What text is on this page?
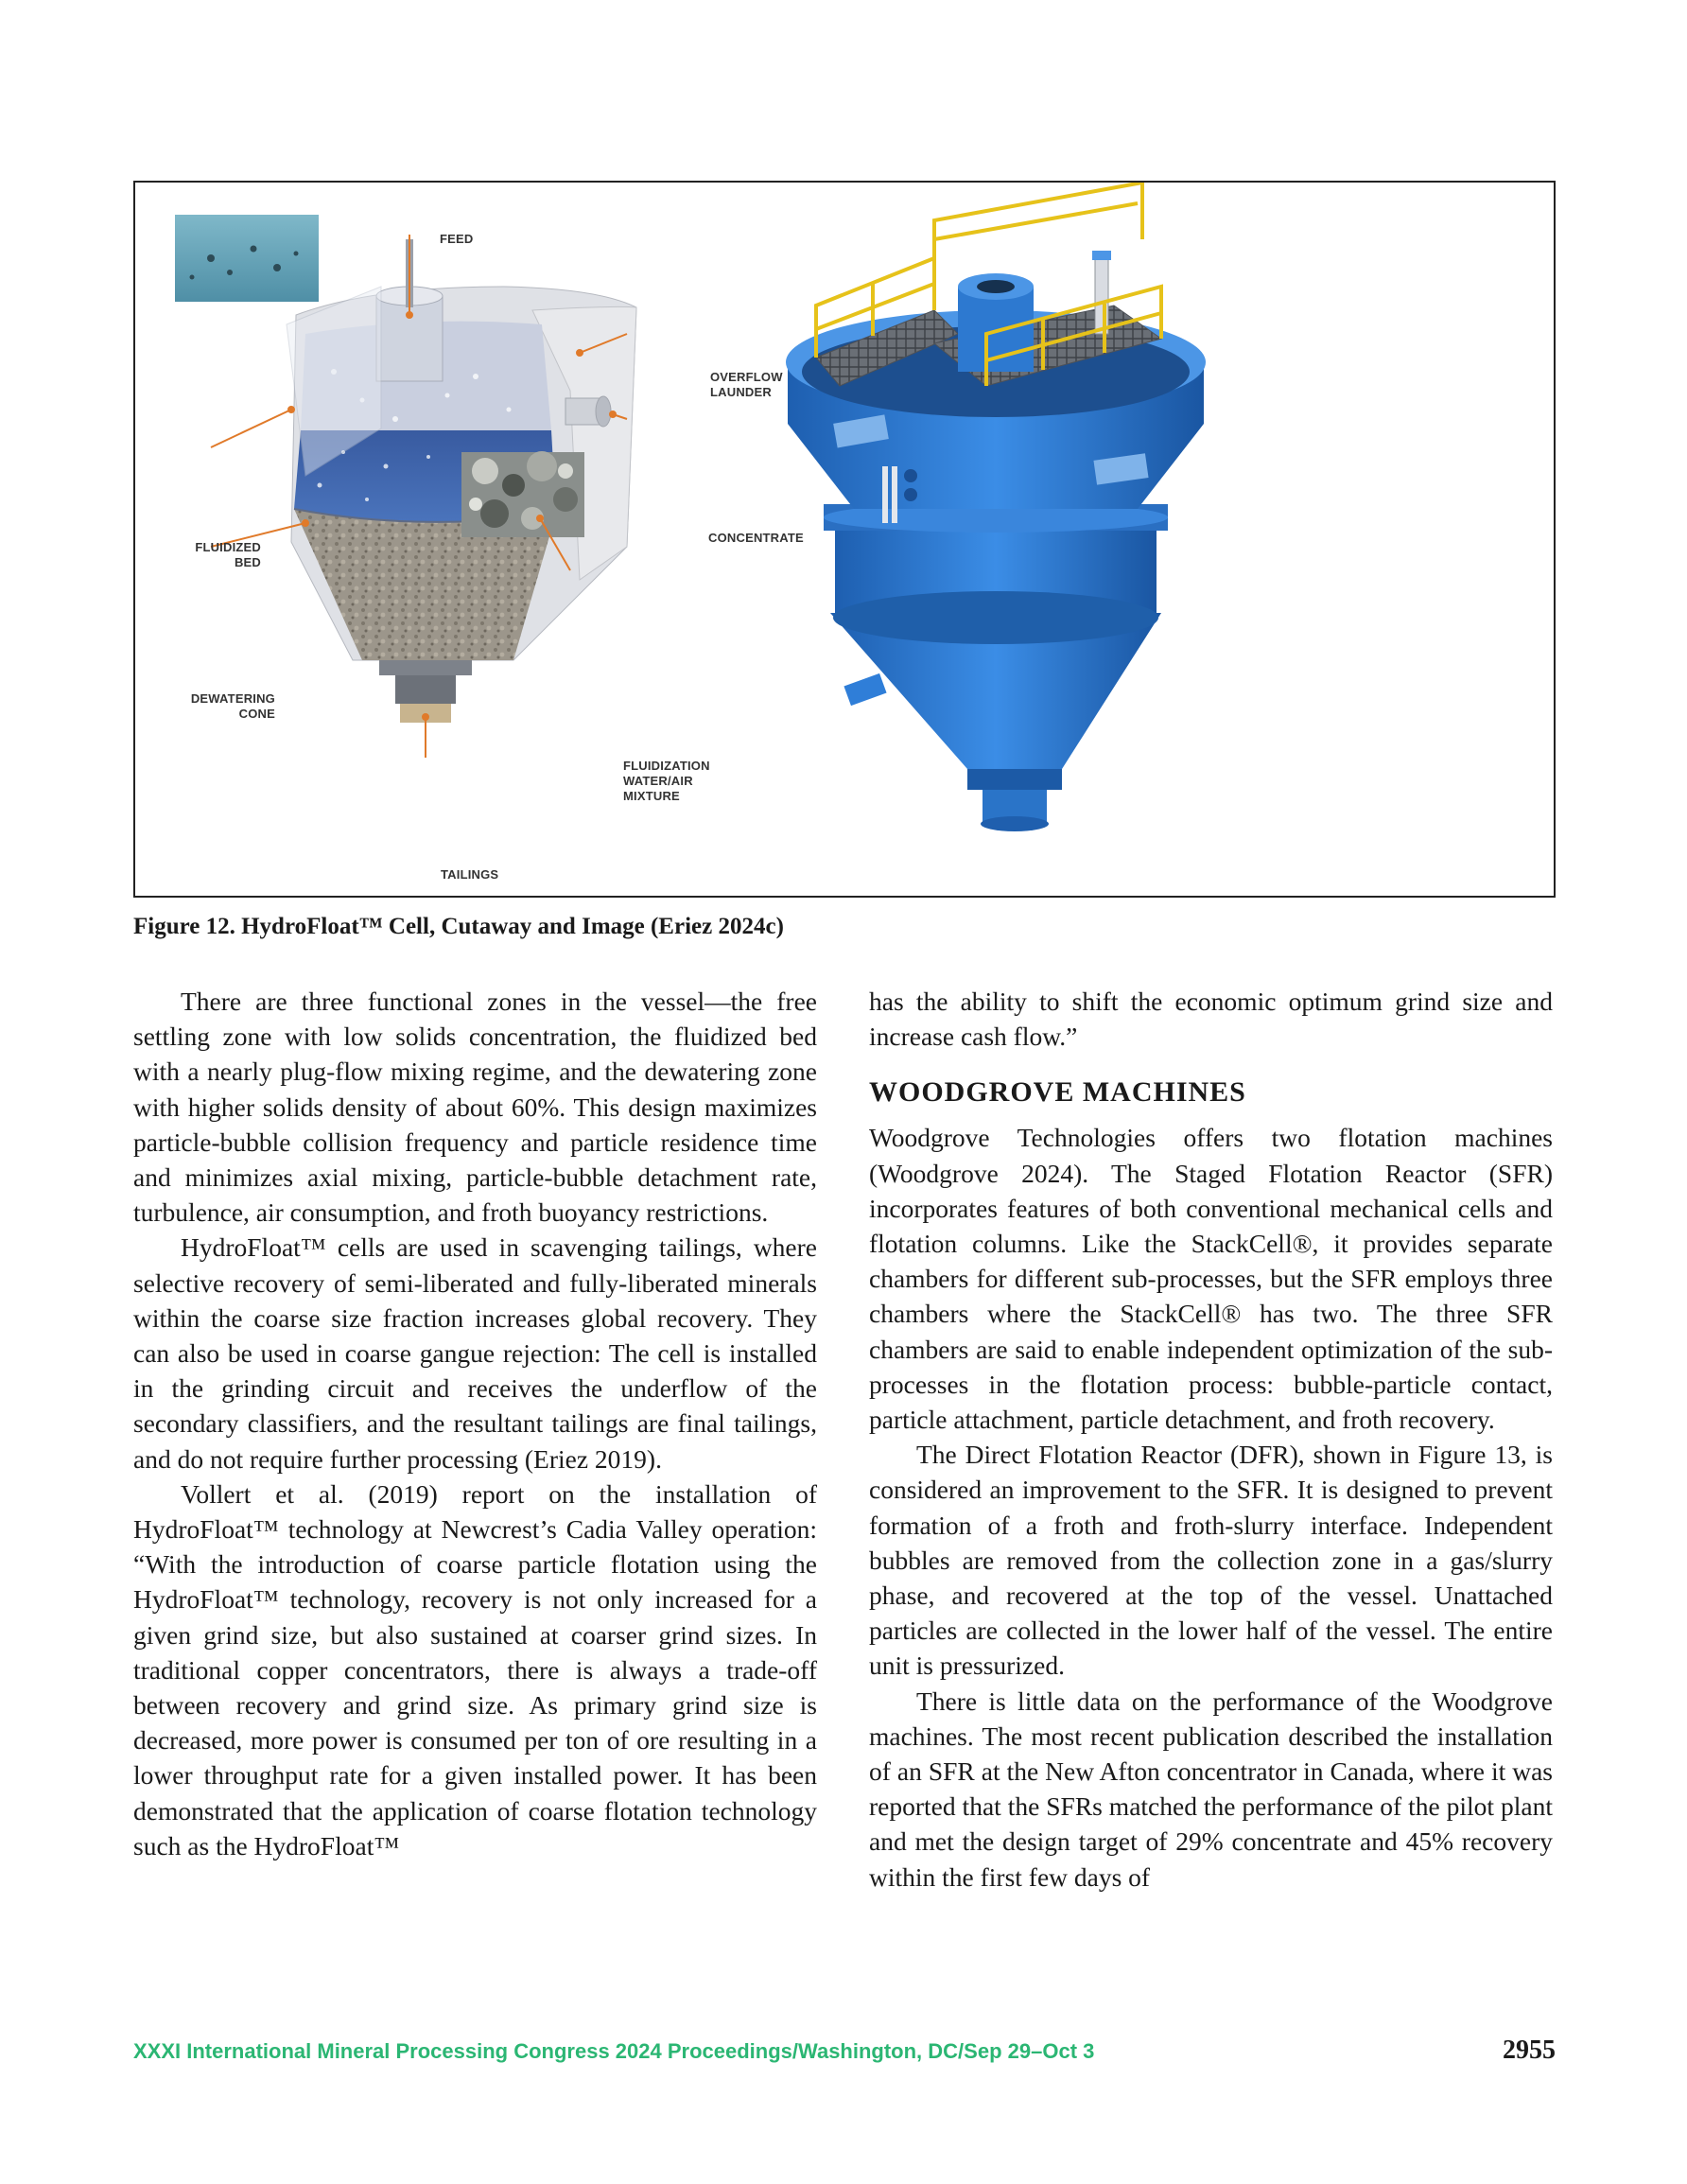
FEED
OVERFLOW
LAUNDER
CONCENTRATE
FLUIDIZED
BED
DEWATERING
CONE
FLUIDIZATION
WATER/AIR
MIXTURE
TAILINGS
Figure 12. HydroFloat™ Cell, Cutaway and Image (Eriez 2024c)

There are three functional zones in the vessel—the free settling zone with low solids concentration, the fluidized bed with a nearly plug-flow mixing regime, and the dewatering zone with higher solids density of about 60%. This design maximizes particle-bubble collision frequency and particle residence time and minimizes axial mixing, particle-bubble detachment rate, turbulence, air consumption, and froth buoyancy restrictions.

HydroFloat™ cells are used in scavenging tailings, where selective recovery of semi-liberated and fully-liberated minerals within the coarse size fraction increases global recovery. They can also be used in coarse gangue rejection: The cell is installed in the grinding circuit and receives the underflow of the secondary classifiers, and the resultant tailings are final tailings, and do not require further processing (Eriez 2019).

Vollert et al. (2019) report on the installation of HydroFloat™ technology at Newcrest’s Cadia Valley operation: “With the introduction of coarse particle flotation using the HydroFloat™ technology, recovery is not only increased for a given grind size, but also sustained at coarser grind sizes. In traditional copper concentrators, there is always a trade-off between recovery and grind size. As primary grind size is decreased, more power is consumed per ton of ore resulting in a lower throughput rate for a given installed power. It has been demonstrated that the application of coarse flotation technology such as the HydroFloat™

has the ability to shift the economic optimum grind size and increase cash flow.”

WOODGROVE MACHINES

Woodgrove Technologies offers two flotation machines (Woodgrove 2024). The Staged Flotation Reactor (SFR) incorporates features of both conventional mechanical cells and flotation columns. Like the StackCell®, it provides separate chambers for different sub-processes, but the SFR employs three chambers where the StackCell® has two. The three SFR chambers are said to enable independent optimization of the sub-processes in the flotation process: bubble-particle contact, particle attachment, particle detachment, and froth recovery.

The Direct Flotation Reactor (DFR), shown in Figure 13, is considered an improvement to the SFR. It is designed to prevent formation of a froth and froth-slurry interface. Independent bubbles are removed from the collection zone in a gas/slurry phase, and recovered at the top of the vessel. Unattached particles are collected in the lower half of the vessel. The entire unit is pressurized.

There is little data on the performance of the Woodgrove machines. The most recent publication described the installation of an SFR at the New Afton concentrator in Canada, where it was reported that the SFRs matched the performance of the pilot plant and met the design target of 29% concentrate and 45% recovery within the first few days of

XXXI International Mineral Processing Congress 2024 Proceedings/Washington, DC/Sep 29–Oct 3	2955
